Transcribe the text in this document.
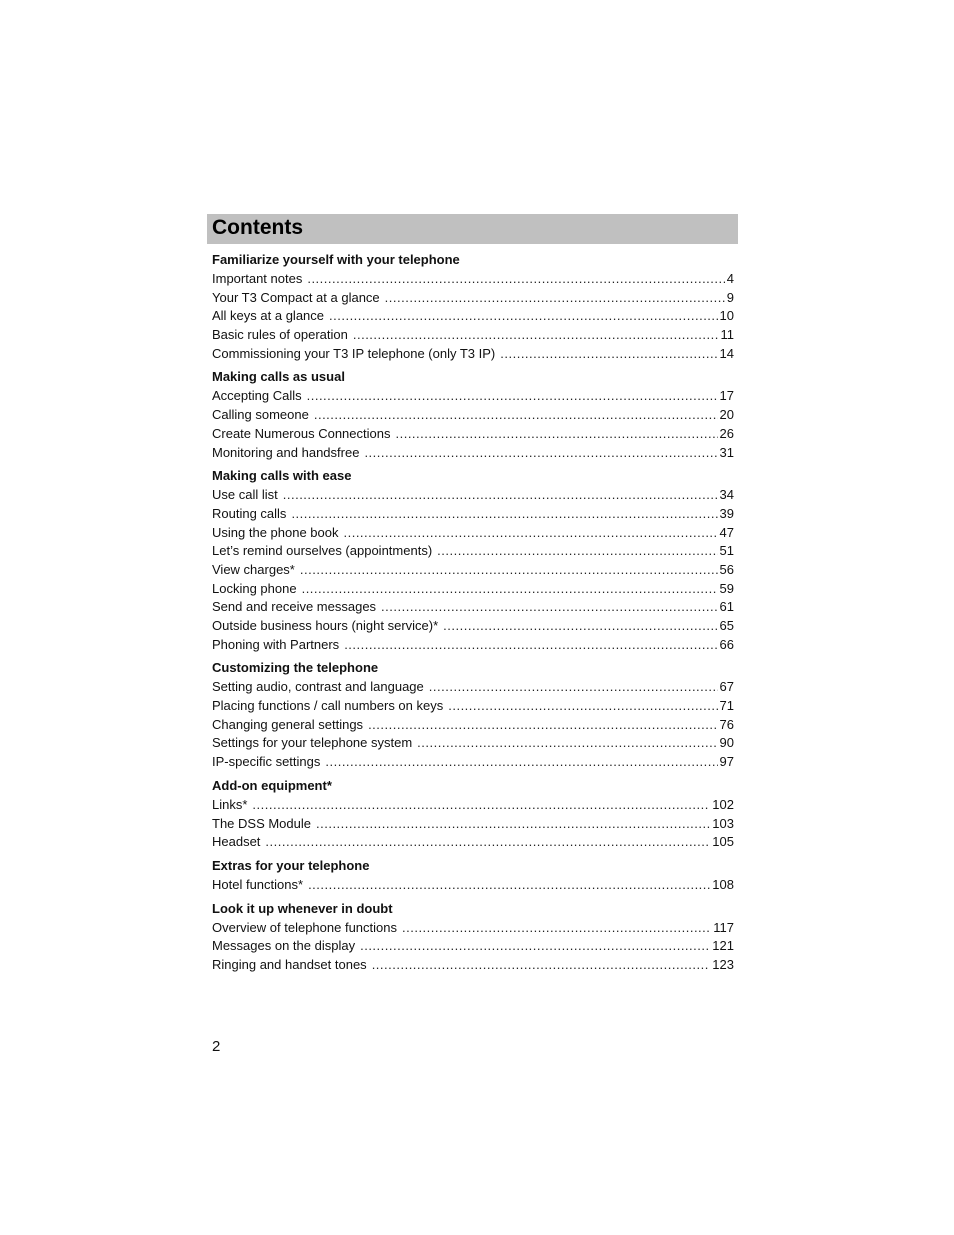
Contents
Familiarize yourself with your telephone
Important notes .....	4
Your T3 Compact at a glance .....	9
All keys at a glance .....	10
Basic rules of operation .....	11
Commissioning your T3 IP telephone (only T3 IP) .....	14
Making calls as usual
Accepting Calls .....	17
Calling someone .....	20
Create Numerous Connections .....	26
Monitoring and handsfree .....	31
Making calls with ease
Use call list .....	34
Routing calls .....	39
Using the phone book .....	47
Let’s remind ourselves (appointments) .....	51
View charges* .....	56
Locking phone .....	59
Send and receive messages .....	61
Outside business hours (night service)* .....	65
Phoning with Partners .....	66
Customizing the telephone
Setting audio, contrast and language .....	67
Placing functions / call numbers on keys .....	71
Changing general settings .....	76
Settings for your telephone system .....	90
IP-specific settings .....	97
Add-on equipment*
Links* .....	102
The DSS Module .....	103
Headset .....	105
Extras for your telephone
Hotel functions* .....	108
Look it up whenever in doubt
Overview of telephone functions .....	117
Messages on the display .....	121
Ringing and handset tones .....	123
2
